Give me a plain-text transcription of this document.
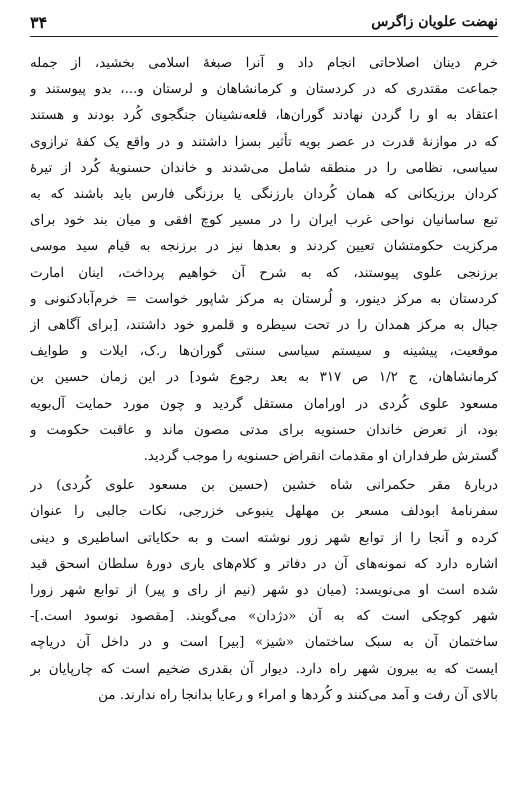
۳۴	نهضت علویان زاگرس
خرم دینان اصلاحاتی انجام داد و آنرا صبغهٔ اسلامی بخشید، از جمله
جماعت مقتدری که در کردستان و کرمانشاهان و لرستان و...، بدو پیوستند و
اعتقاد به او را گردن نهادند گوران‌ها، قلعه‌نشینان جنگجوی کُرد بودند و هستند
که در موازنهٔ قدرت در عصر بویه تأثیر بسزا داشتند و در واقع یک کفهٔ ترازوی
سیاسی، نظامی را در منطقه شامل می‌شدند و خاندان حسنویهٔ کُرد از تیرهٔ
کردان برزیکانی که همان کُردان بارزنگی یا برزنگی فارس باید باشند که به
تبع ساسانیان نواحی غرب ایران را در مسیر کوچ افقی و میان بند خود برای
مرکزیت حکومتشان تعیین کردند و بعدها نیز در برزنجه به قیام سید موسی
برزنجی علوی پیوستند، که به شرح آن خواهیم پرداخت، اینان امارت
کردستان به مرکز دینور، و لُرستان به مرکز شاپور خواست = خرم‌آبادکنونی و
جبال به مرکز همدان را در تحت سیطره و قلمرو خود داشتند، [برای آگاهی از
موقعیت، پیشینه و سیستم سیاسی سنتی گوران‌ها ر.ک، ایلات و طوایف
کرمانشاهان، ج ۱/۲ ص ۳۱۷ به بعد رجوع شود] در این زمان حسین بن
مسعود علوی کُردی در اورامان مستقل گردید و چون مورد حمایت آل‌بویه
بود، از تعرض خاندان حسنویه برای مدتی مصون ماند و عاقبت حکومت و
گسترش طرفداران او مقدمات انقراض حسنویه را موجب گردید.
دربارهٔ مقر حکمرانی شاه خشین (حسین بن مسعود علوی کُردی) در
سفرنامهٔ ابودلف مسعر بن مهلهل ینبوعی خزرجی، نکات جالبی را عنوان
کرده و آنجا را از توابع شهر زور نوشته است و به حکایاتی اساطیری و دینی
اشاره دارد که نمونه‌های آن در دفاتر و کلام‌های یاری دورهٔ سلطان اسحق قید
شده است او می‌نویسد: (میان دو شهر (نیم از رای و پیر) از توابع شهر زورا
شهر کوچکی است که به آن «دژدان» می‌گویند. [مقصود نوسود است.]-
ساختمان آن به سبک ساختمان «شیز» [بیر] است و در داخل آن دریاچه
ایست که به بیرون شهر راه دارد. دیوار آن بقدری ضخیم است که چارپایان بر
بالای آن رفت و آمد می‌کنند و کُردها و امراء و رعایا بدانجا راه ندارند. من
